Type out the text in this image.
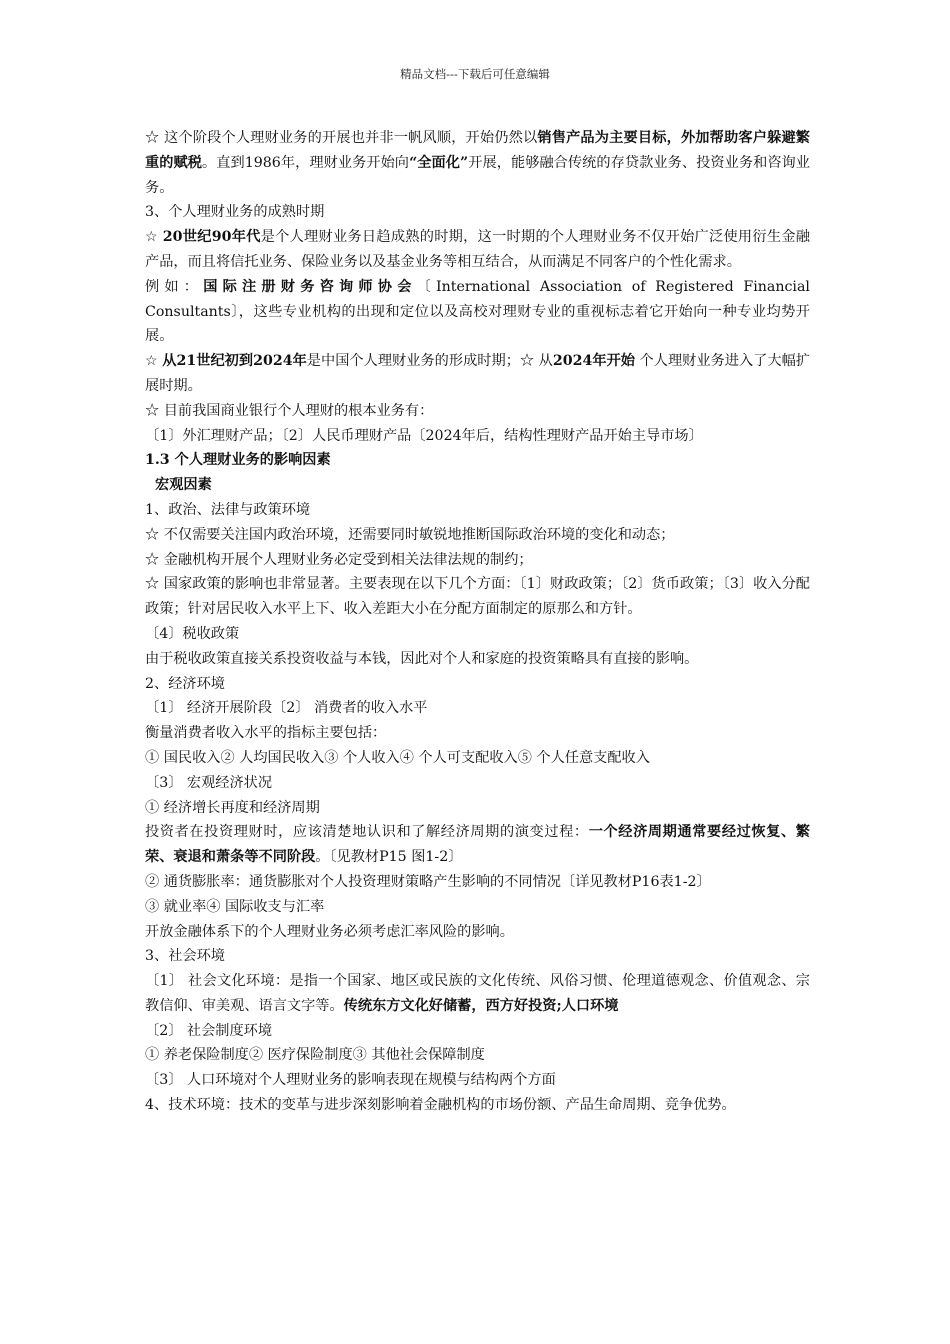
精品文档---下载后可任意编辑

☆ 这个阶段个人理财业务的开展也并非一帆风顺，开始仍然以销售产品为主要目标，外加帮助客户躲避繁重的赋税。直到1986年，理财业务开始向“全面化”开展，能够融合传统的存贷款业务、投资业务和咨询业务。

3、个人理财业务的成熟时期

☆ 20世纪90年代是个人理财业务日趋成熟的时期，这一时期的个人理财业务不仅开始广泛使用衍生金融产品，而且将信托业务、保险业务以及基金业务等相互结合，从而满足不同客户的个性化需求。

例如：国际注册财务咨询师协会〔International Association of Registered Financial Consultants〕，这些专业机构的出现和定位以及高校对理财专业的重视标志着它开始向一种专业均势开展。

☆ 从21世纪初到2024年是中国个人理财业务的形成时期；☆ 从2024年开始 个人理财业务进入了大幅扩展时期。

☆ 目前我国商业银行个人理财的根本业务有：

〔1〕外汇理财产品；〔2〕人民币理财产品〔2024年后，结构性理财产品开始主导市场〕

1.3 个人理财业务的影响因素

宏观因素

1、政治、法律与政策环境

☆ 不仅需要关注国内政治环境，还需要同时敏锐地推断国际政治环境的变化和动态；

☆ 金融机构开展个人理财业务必定受到相关法律法规的制约；

☆ 国家政策的影响也非常显著。主要表现在以下几个方面：〔1〕财政政策；〔2〕货币政策；〔3〕收入分配政策；针对居民收入水平上下、收入差距大小在分配方面制定的原那么和方针。

〔4〕税收政策

由于税收政策直接关系投资收益与本钱，因此对个人和家庭的投资策略具有直接的影响。

2、经济环境

〔1〕 经济开展阶段〔2〕 消费者的收入水平

衡量消费者收入水平的指标主要包括：

① 国民收入② 人均国民收入③ 个人收入④ 个人可支配收入⑤ 个人任意支配收入

〔3〕 宏观经济状况

① 经济增长再度和经济周期

投资者在投资理财时，应该清楚地认识和了解经济周期的演变过程：一个经济周期通常要经过恢复、繁荣、衰退和萧条等不同阶段。〔见教材P15 图1-2〕

② 通货膨胀率：通货膨胀对个人投资理财策略产生影响的不同情况〔详见教材P16表1-2〕

③ 就业率④ 国际收支与汇率

开放金融体系下的个人理财业务必须考虑汇率风险的影响。

3、社会环境

〔1〕 社会文化环境：是指一个国家、地区或民族的文化传统、风俗习惯、伦理道德观念、价值观念、宗教信仰、审美观、语言文字等。传统东方文化好储蓄，西方好投资;人口环境

〔2〕 社会制度环境

① 养老保险制度② 医疗保险制度③ 其他社会保障制度

〔3〕 人口环境对个人理财业务的影响表现在规模与结构两个方面

4、技术环境：技术的变革与进步深刻影响着金融机构的市场份额、产品生命周期、竞争优势。
